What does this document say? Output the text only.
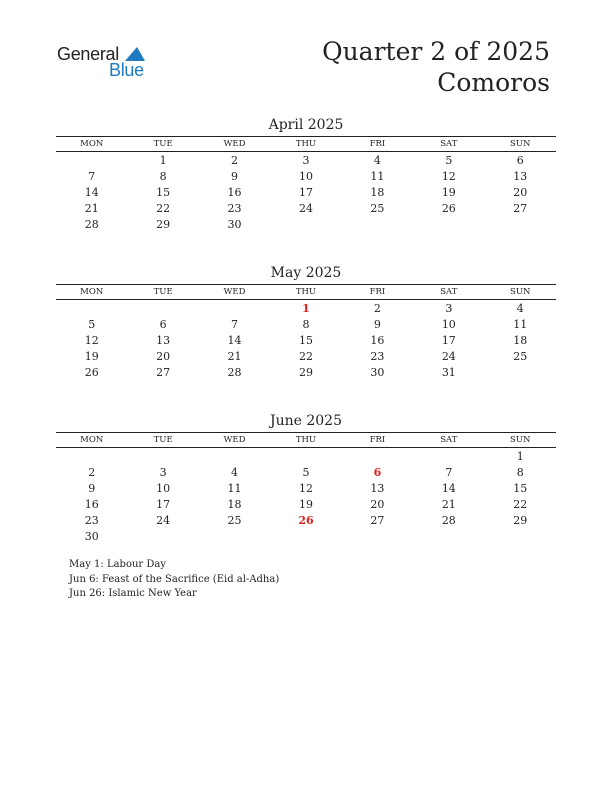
General
Blue
Quarter 2 of 2025
Comoros
April 2025
MON	TUE	WED	THU	FRI	SAT	SUN

	1	2	3	4	5	6
7	8	9	10	11	12	13
14	15	16	17	18	19	20
21	22	23	24	25	26	27
28	29	30				
May 2025
MON	TUE	WED	THU	FRI	SAT	SUN

			1	2	3	4
5	6	7	8	9	10	11
12	13	14	15	16	17	18
19	20	21	22	23	24	25
26	27	28	29	30	31	
June 2025
MON	TUE	WED	THU	FRI	SAT	SUN

						1
2	3	4	5	6	7	8
9	10	11	12	13	14	15
16	17	18	19	20	21	22
23	24	25	26	27	28	29
30						
May 1: Labour Day
Jun 6: Feast of the Sacrifice (Eid al-Adha)
Jun 26: Islamic New Year
